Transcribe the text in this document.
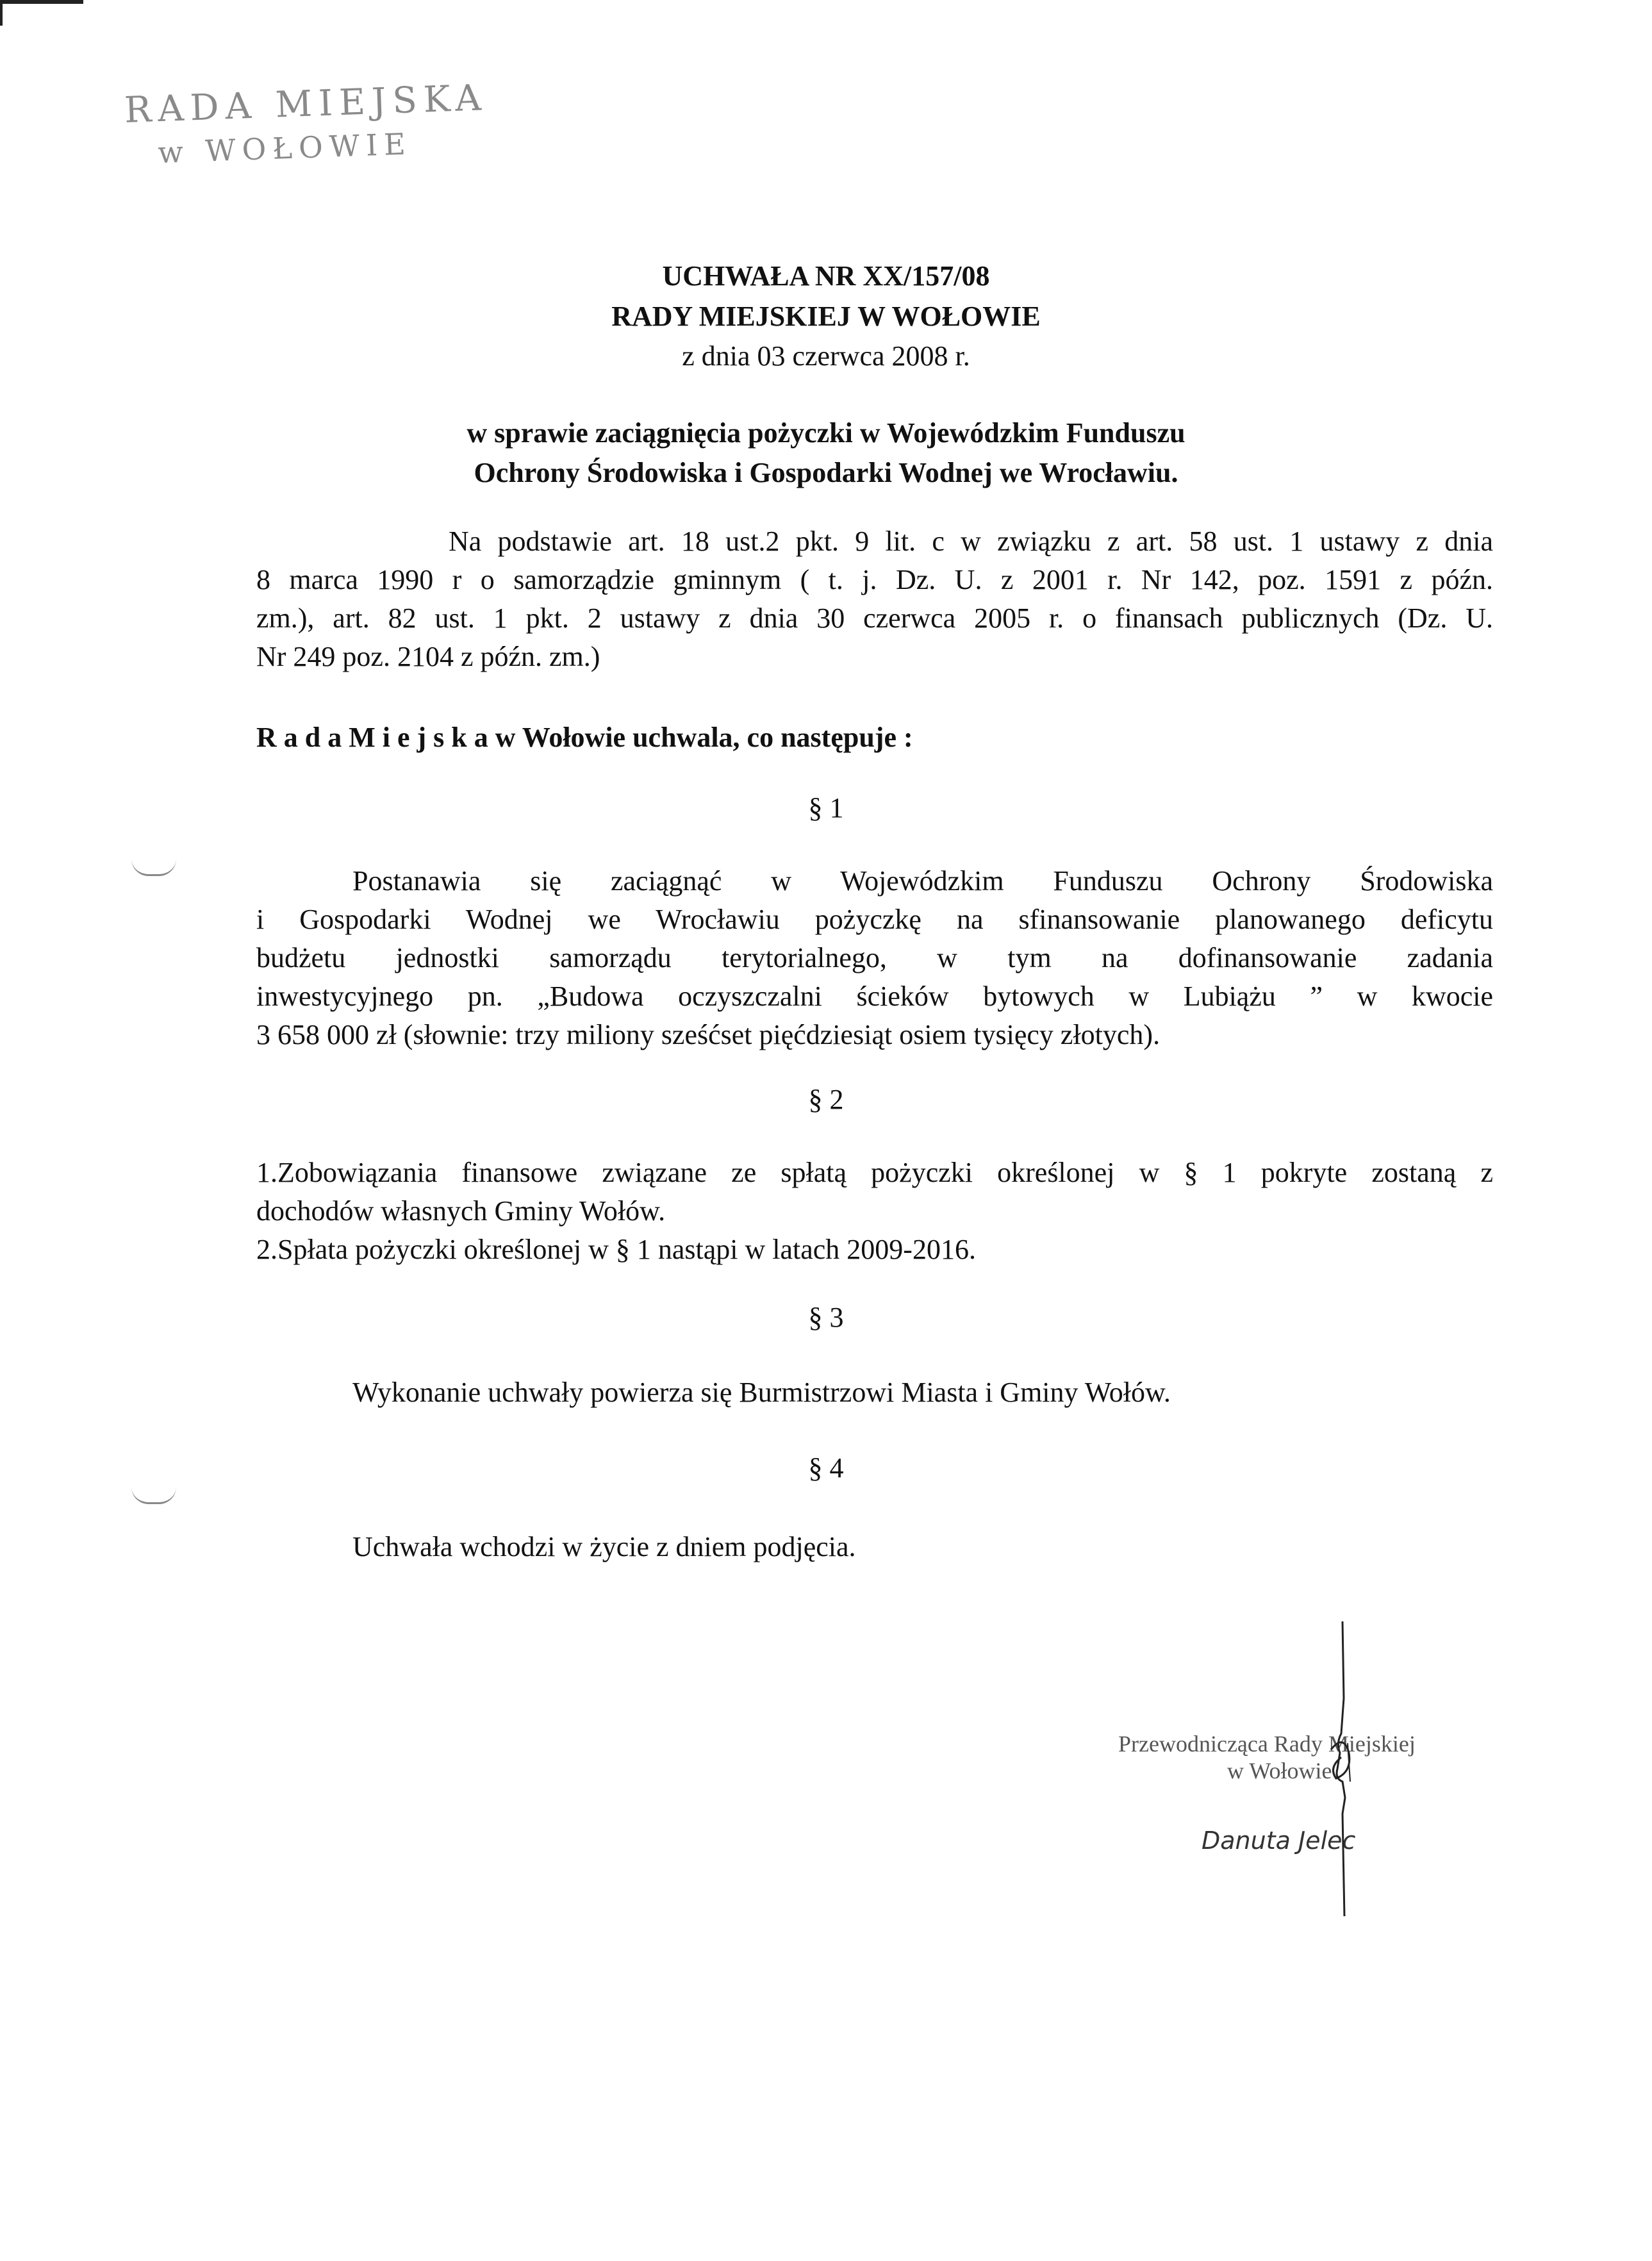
RADA MIEJSKA
w WOŁOWIE
UCHWAŁA NR XX/157/08
RADY MIEJSKIEJ W WOŁOWIE
z dnia 03 czerwca 2008 r.
w sprawie zaciągnięcia pożyczki w Wojewódzkim Funduszu
Ochrony Środowiska i Gospodarki Wodnej we Wrocławiu.
Na podstawie art. 18 ust.2 pkt. 9 lit. c w związku z art. 58 ust. 1 ustawy z dnia
8 marca 1990 r o samorządzie gminnym ( t. j. Dz. U. z 2001 r. Nr 142, poz. 1591 z późn.
zm.), art. 82 ust. 1 pkt. 2 ustawy z dnia 30 czerwca 2005 r. o finansach publicznych (Dz. U.
Nr 249 poz. 2104 z późn. zm.)
R a d a M i e j s k a w Wołowie uchwala, co następuje :
§ 1
Postanawia się zaciągnąć w Wojewódzkim Funduszu Ochrony Środowiska
i Gospodarki Wodnej we Wrocławiu pożyczkę na sfinansowanie planowanego deficytu
budżetu jednostki samorządu terytorialnego, w tym na dofinansowanie zadania
inwestycyjnego pn. „Budowa oczyszczalni ścieków bytowych w Lubiążu ” w kwocie
3 658 000 zł (słownie: trzy miliony sześćset pięćdziesiąt osiem tysięcy złotych).
§ 2
1.Zobowiązania finansowe związane ze spłatą pożyczki określonej w § 1 pokryte zostaną z
dochodów własnych Gminy Wołów.
2.Spłata pożyczki określonej w § 1 nastąpi w latach 2009-2016.
§ 3
Wykonanie uchwały powierza się Burmistrzowi Miasta i Gminy Wołów.
§ 4
Uchwała wchodzi w życie z dniem podjęcia.
Przewodnicząca Rady Miejskiej
w Wołowie
Danuta Jelec
